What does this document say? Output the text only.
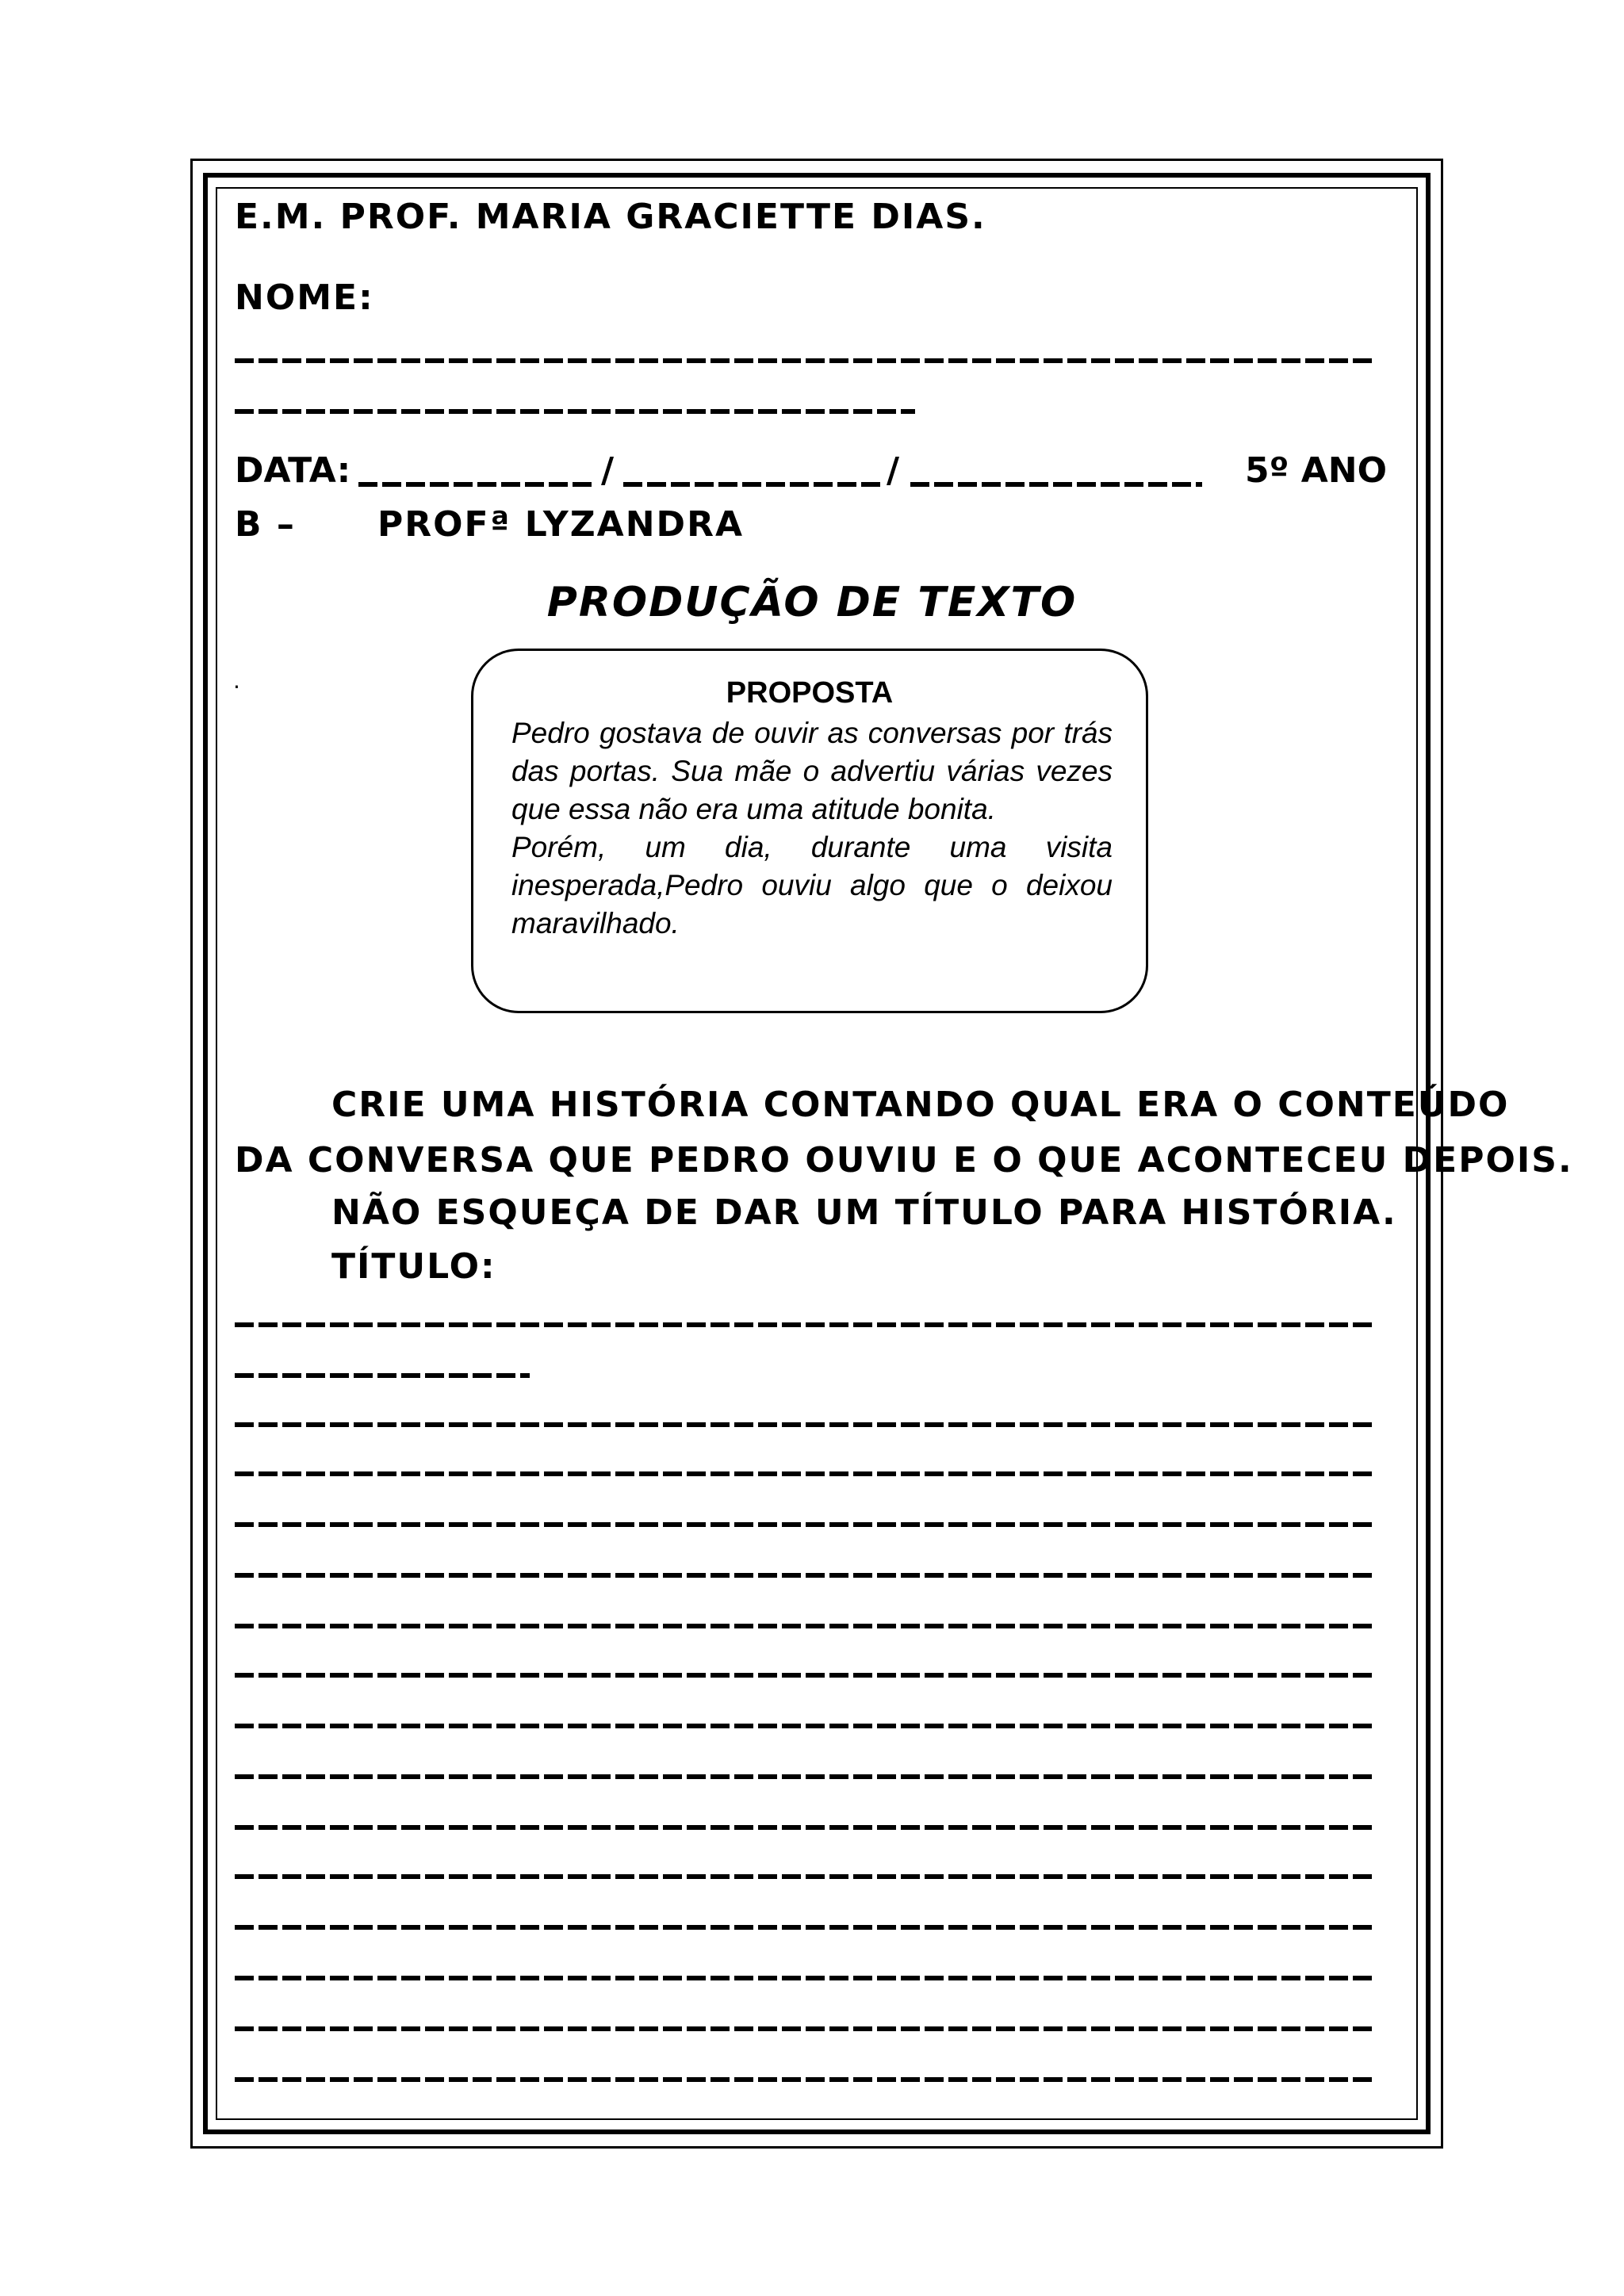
E.M. PROF. MARIA GRACIETTE DIAS.
NOME:
DATA:	/	/	5º ANO
B – PROFª LYZANDRA
PRODUÇÃO DE TEXTO
.	PROPOSTA

Pedro gostava de ouvir as conversas por trás das portas. Sua mãe o advertiu várias vezes que essa não era uma atitude bonita.

Porém, um dia, durante uma visita inesperada,Pedro ouviu algo que o deixou maravilhado.

CRIE UMA HISTÓRIA CONTANDO QUAL ERA O CONTEÚDO
DA CONVERSA QUE PEDRO OUVIU E O QUE ACONTECEU DEPOIS.
NÃO ESQUEÇA DE DAR UM TÍTULO PARA HISTÓRIA.
TÍTULO:
